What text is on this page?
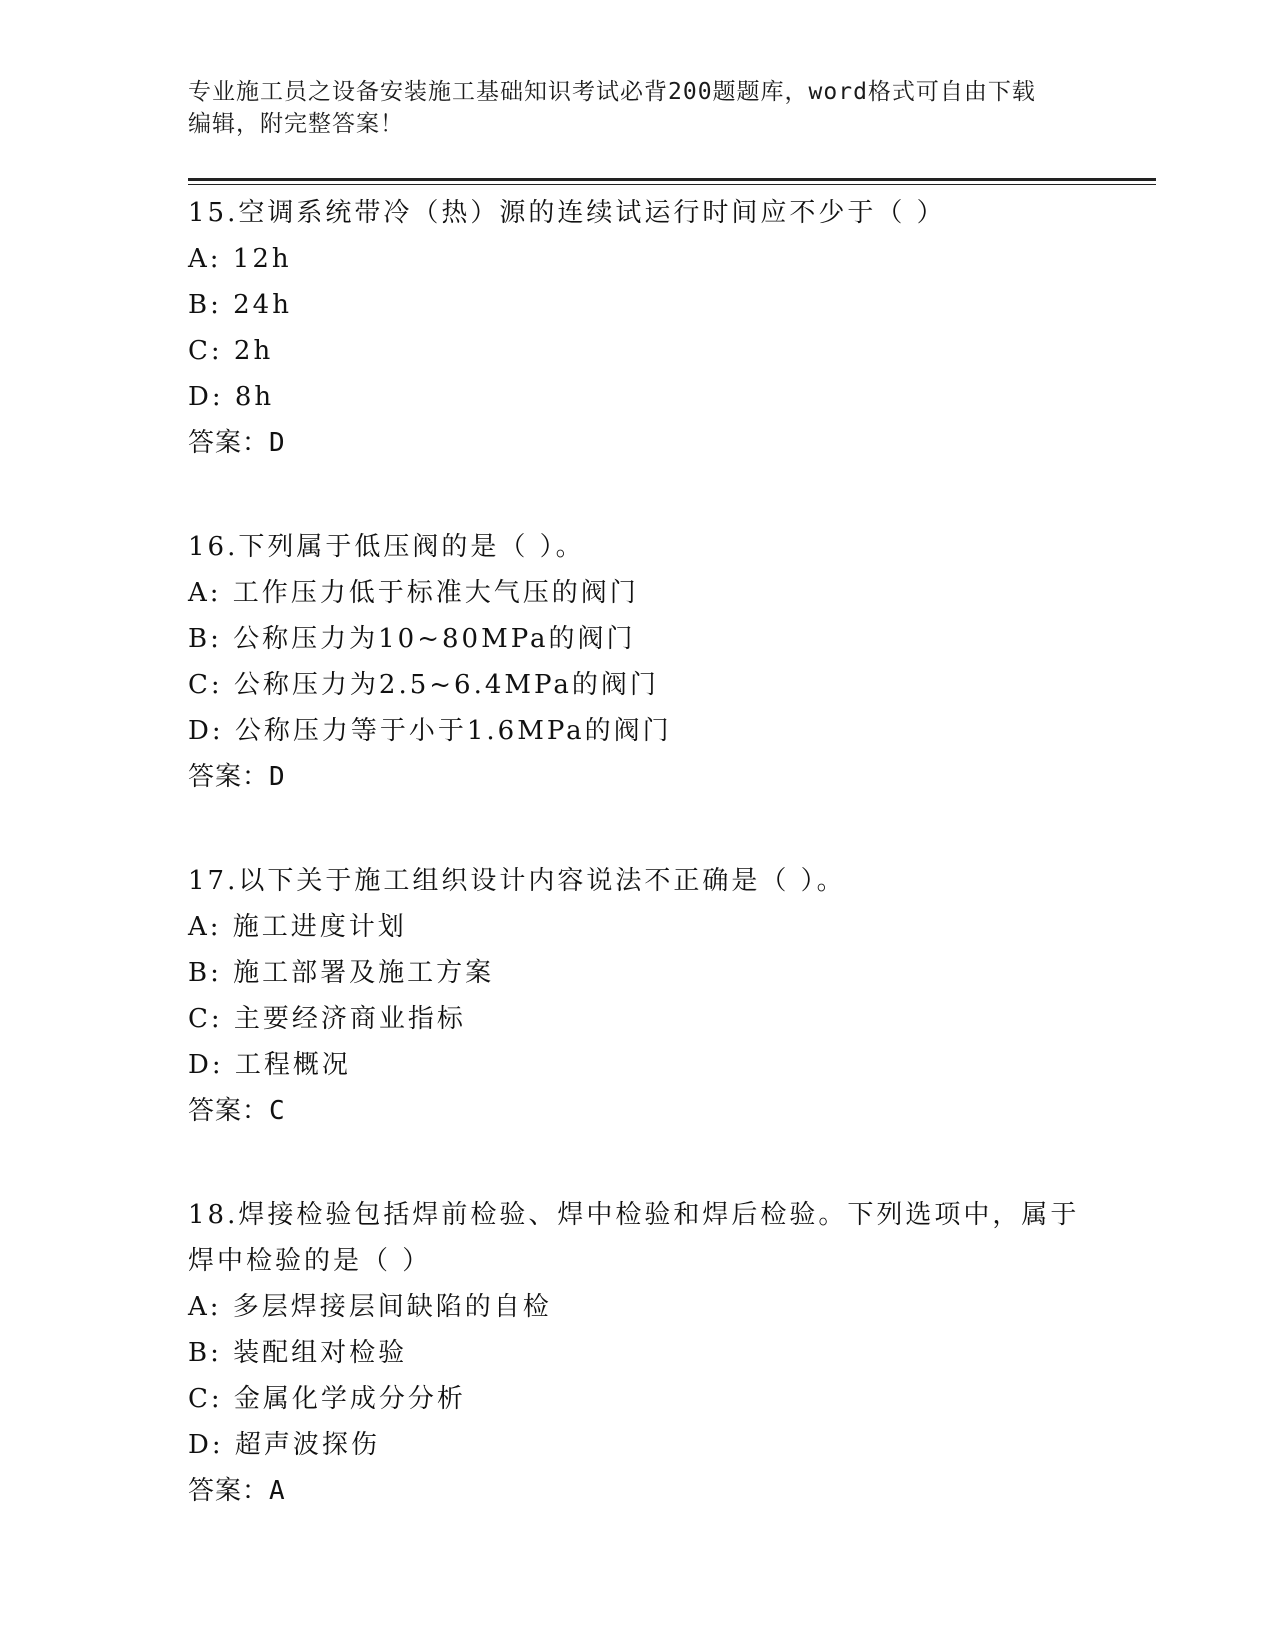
专业施工员之设备安装施工基础知识考试必背200题题库，word格式可自由下载
编辑，附完整答案！
15.空调系统带冷（热）源的连续试运行时间应不少于（ ）
A: 12h
B: 24h
C: 2h
D: 8h
答案：D
16.下列属于低压阀的是（ ）。
A: 工作压力低于标准大气压的阀门
B: 公称压力为10~80MPa的阀门
C: 公称压力为2.5~6.4MPa的阀门
D: 公称压力等于小于1.6MPa的阀门
答案：D
17.以下关于施工组织设计内容说法不正确是（ ）。
A: 施工进度计划
B: 施工部署及施工方案
C: 主要经济商业指标
D: 工程概况
答案：C
18.焊接检验包括焊前检验、焊中检验和焊后检验。下列选项中，属于焊中检验的是（ ）
A: 多层焊接层间缺陷的自检
B: 装配组对检验
C: 金属化学成分分析
D: 超声波探伤
答案：A
